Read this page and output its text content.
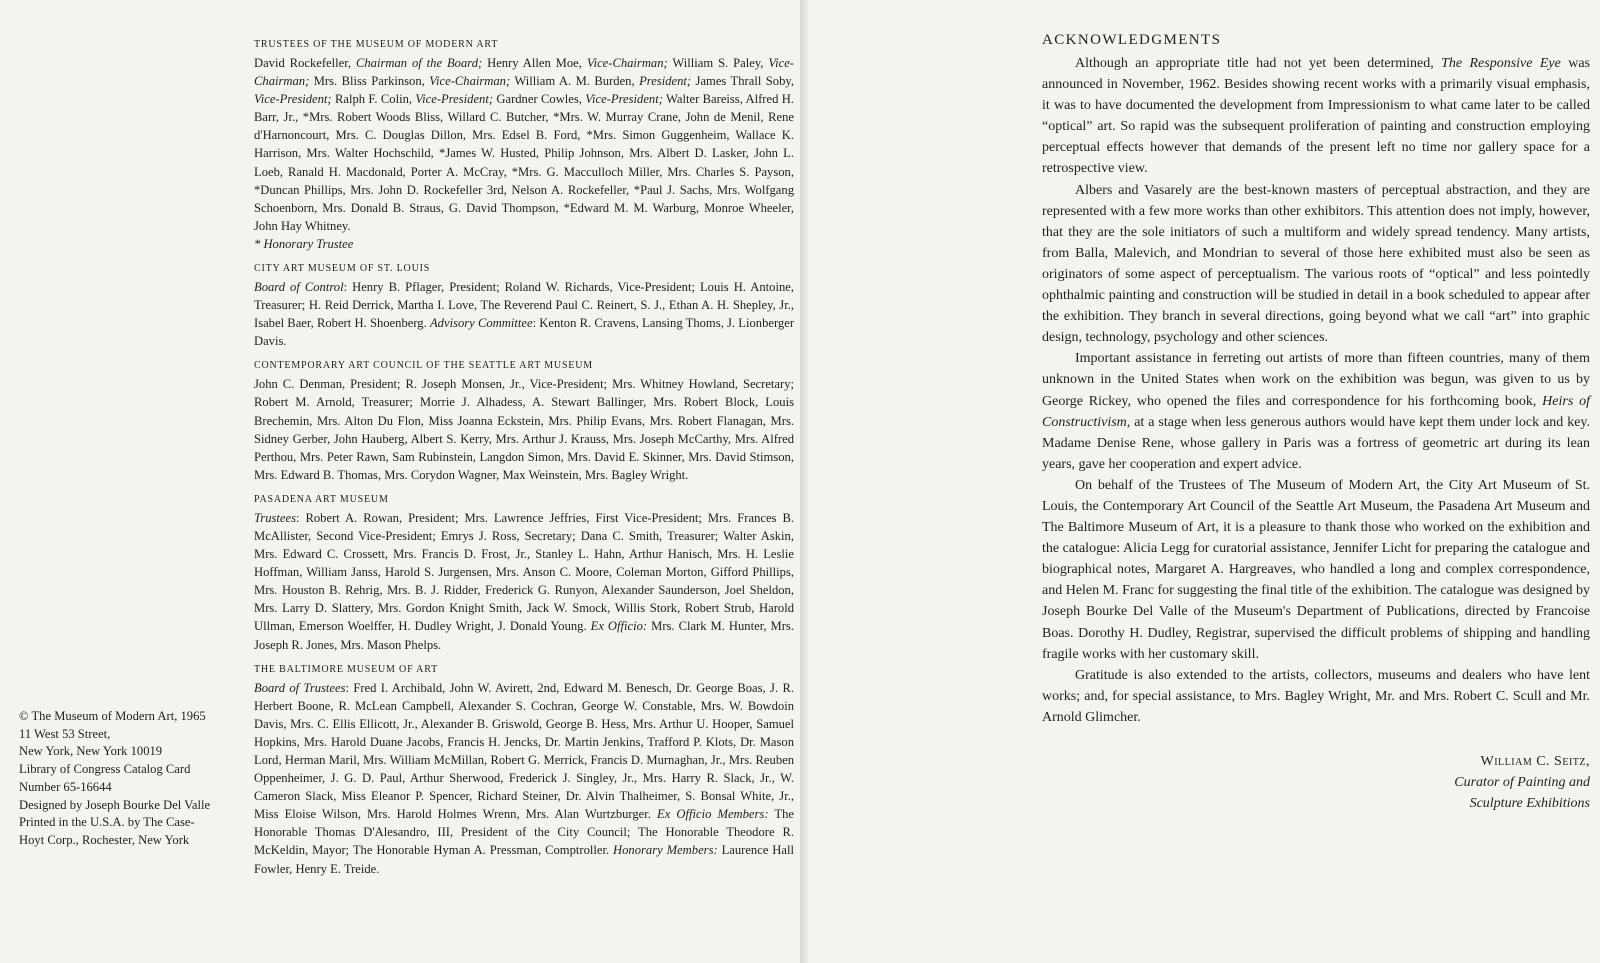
TRUSTEES OF THE MUSEUM OF MODERN ART

David Rockefeller, Chairman of the Board; Henry Allen Moe, Vice-Chairman; William S. Paley, Vice-Chairman; Mrs. Bliss Parkinson, Vice-Chairman; William A. M. Burden, President; James Thrall Soby, Vice-President; Ralph F. Colin, Vice-President; Gardner Cowles, Vice-President; Walter Bareiss, Alfred H. Barr, Jr., *Mrs. Robert Woods Bliss, Willard C. Butcher, *Mrs. W. Murray Crane, John de Menil, Rene d'Harnoncourt, Mrs. C. Douglas Dillon, Mrs. Edsel B. Ford, *Mrs. Simon Guggenheim, Wallace K. Harrison, Mrs. Walter Hochschild, *James W. Husted, Philip Johnson, Mrs. Albert D. Lasker, John L. Loeb, Ranald H. Macdonald, Porter A. McCray, *Mrs. G. Macculloch Miller, Mrs. Charles S. Payson, *Duncan Phillips, Mrs. John D. Rockefeller 3rd, Nelson A. Rockefeller, *Paul J. Sachs, Mrs. Wolfgang Schoenborn, Mrs. Donald B. Straus, G. David Thompson, *Edward M. M. Warburg, Monroe Wheeler, John Hay Whitney.

* Honorary Trustee

CITY ART MUSEUM OF ST. LOUIS

Board of Control: Henry B. Pflager, President; Roland W. Richards, Vice-President; Louis H. Antoine, Treasurer; H. Reid Derrick, Martha I. Love, The Reverend Paul C. Reinert, S. J., Ethan A. H. Shepley, Jr., Isabel Baer, Robert H. Shoenberg. Advisory Committee: Kenton R. Cravens, Lansing Thoms, J. Lionberger Davis.

CONTEMPORARY ART COUNCIL OF THE SEATTLE ART MUSEUM

John C. Denman, President; R. Joseph Monsen, Jr., Vice-President; Mrs. Whitney Howland, Secretary; Robert M. Arnold, Treasurer; Morrie J. Alhadess, A. Stewart Ballinger, Mrs. Robert Block, Louis Brechemin, Mrs. Alton Du Flon, Miss Joanna Eckstein, Mrs. Philip Evans, Mrs. Robert Flanagan, Mrs. Sidney Gerber, John Hauberg, Albert S. Kerry, Mrs. Arthur J. Krauss, Mrs. Joseph McCarthy, Mrs. Alfred Perthou, Mrs. Peter Rawn, Sam Rubinstein, Langdon Simon, Mrs. David E. Skinner, Mrs. David Stimson, Mrs. Edward B. Thomas, Mrs. Corydon Wagner, Max Weinstein, Mrs. Bagley Wright.

PASADENA ART MUSEUM

Trustees: Robert A. Rowan, President; Mrs. Lawrence Jeffries, First Vice-President; Mrs. Frances B. McAllister, Second Vice-President; Emrys J. Ross, Secretary; Dana C. Smith, Treasurer; Walter Askin, Mrs. Edward C. Crossett, Mrs. Francis D. Frost, Jr., Stanley L. Hahn, Arthur Hanisch, Mrs. H. Leslie Hoffman, William Janss, Harold S. Jurgensen, Mrs. Anson C. Moore, Coleman Morton, Gifford Phillips, Mrs. Houston B. Rehrig, Mrs. B. J. Ridder, Frederick G. Runyon, Alexander Saunderson, Joel Sheldon, Mrs. Larry D. Slattery, Mrs. Gordon Knight Smith, Jack W. Smock, Willis Stork, Robert Strub, Harold Ullman, Emerson Woelffer, H. Dudley Wright, J. Donald Young. Ex Officio: Mrs. Clark M. Hunter, Mrs. Joseph R. Jones, Mrs. Mason Phelps.

THE BALTIMORE MUSEUM OF ART

Board of Trustees: Fred I. Archibald, John W. Avirett, 2nd, Edward M. Benesch, Dr. George Boas, J. R. Herbert Boone, R. McLean Campbell, Alexander S. Cochran, George W. Constable, Mrs. W. Bowdoin Davis, Mrs. C. Ellis Ellicott, Jr., Alexander B. Griswold, George B. Hess, Mrs. Arthur U. Hooper, Samuel Hopkins, Mrs. Harold Duane Jacobs, Francis H. Jencks, Dr. Martin Jenkins, Trafford P. Klots, Dr. Mason Lord, Herman Maril, Mrs. William McMillan, Robert G. Merrick, Francis D. Murnaghan, Jr., Mrs. Reuben Oppenheimer, J. G. D. Paul, Arthur Sherwood, Frederick J. Singley, Jr., Mrs. Harry R. Slack, Jr., W. Cameron Slack, Miss Eleanor P. Spencer, Richard Steiner, Dr. Alvin Thalheimer, S. Bonsal White, Jr., Miss Eloise Wilson, Mrs. Harold Holmes Wrenn, Mrs. Alan Wurtzburger. Ex Officio Members: The Honorable Thomas D'Alesandro, III, President of the City Council; The Honorable Theodore R. McKeldin, Mayor; The Honorable Hyman A. Pressman, Comptroller. Honorary Members: Laurence Hall Fowler, Henry E. Treide.

© The Museum of Modern Art, 1965
11 West 53 Street,
New York, New York 10019
Library of Congress Catalog Card
Number 65-16644
Designed by Joseph Bourke Del Valle
Printed in the U.S.A. by The Case-
Hoyt Corp., Rochester, New York
ACKNOWLEDGMENTS

Although an appropriate title had not yet been determined, The Responsive Eye was announced in November, 1962. Besides showing recent works with a primarily visual emphasis, it was to have documented the development from Impressionism to what came later to be called “optical” art. So rapid was the subsequent proliferation of painting and construction employing perceptual effects however that demands of the present left no time nor gallery space for a retrospective view.

Albers and Vasarely are the best-known masters of perceptual abstraction, and they are represented with a few more works than other exhibitors. This attention does not imply, however, that they are the sole initiators of such a multiform and widely spread tendency. Many artists, from Balla, Malevich, and Mondrian to several of those here exhibited must also be seen as originators of some aspect of perceptualism. The various roots of “optical” and less pointedly ophthalmic painting and construction will be studied in detail in a book scheduled to appear after the exhibition. They branch in several directions, going beyond what we call “art” into graphic design, technology, psychology and other sciences.

Important assistance in ferreting out artists of more than fifteen countries, many of them unknown in the United States when work on the exhibition was begun, was given to us by George Rickey, who opened the files and correspondence for his forthcoming book, Heirs of Constructivism, at a stage when less generous authors would have kept them under lock and key. Madame Denise Rene, whose gallery in Paris was a fortress of geometric art during its lean years, gave her cooperation and expert advice.

On behalf of the Trustees of The Museum of Modern Art, the City Art Museum of St. Louis, the Contemporary Art Council of the Seattle Art Museum, the Pasadena Art Museum and The Baltimore Museum of Art, it is a pleasure to thank those who worked on the exhibition and the catalogue: Alicia Legg for curatorial assistance, Jennifer Licht for preparing the catalogue and biographical notes, Margaret A. Hargreaves, who handled a long and complex correspondence, and Helen M. Franc for suggesting the final title of the exhibition. The catalogue was designed by Joseph Bourke Del Valle of the Museum's Department of Publications, directed by Francoise Boas. Dorothy H. Dudley, Registrar, supervised the difficult problems of shipping and handling fragile works with her customary skill.

Gratitude is also extended to the artists, collectors, museums and dealers who have lent works; and, for special assistance, to Mrs. Bagley Wright, Mr. and Mrs. Robert C. Scull and Mr. Arnold Glimcher.

William C. Seitz,
Curator of Painting and
Sculpture Exhibitions
